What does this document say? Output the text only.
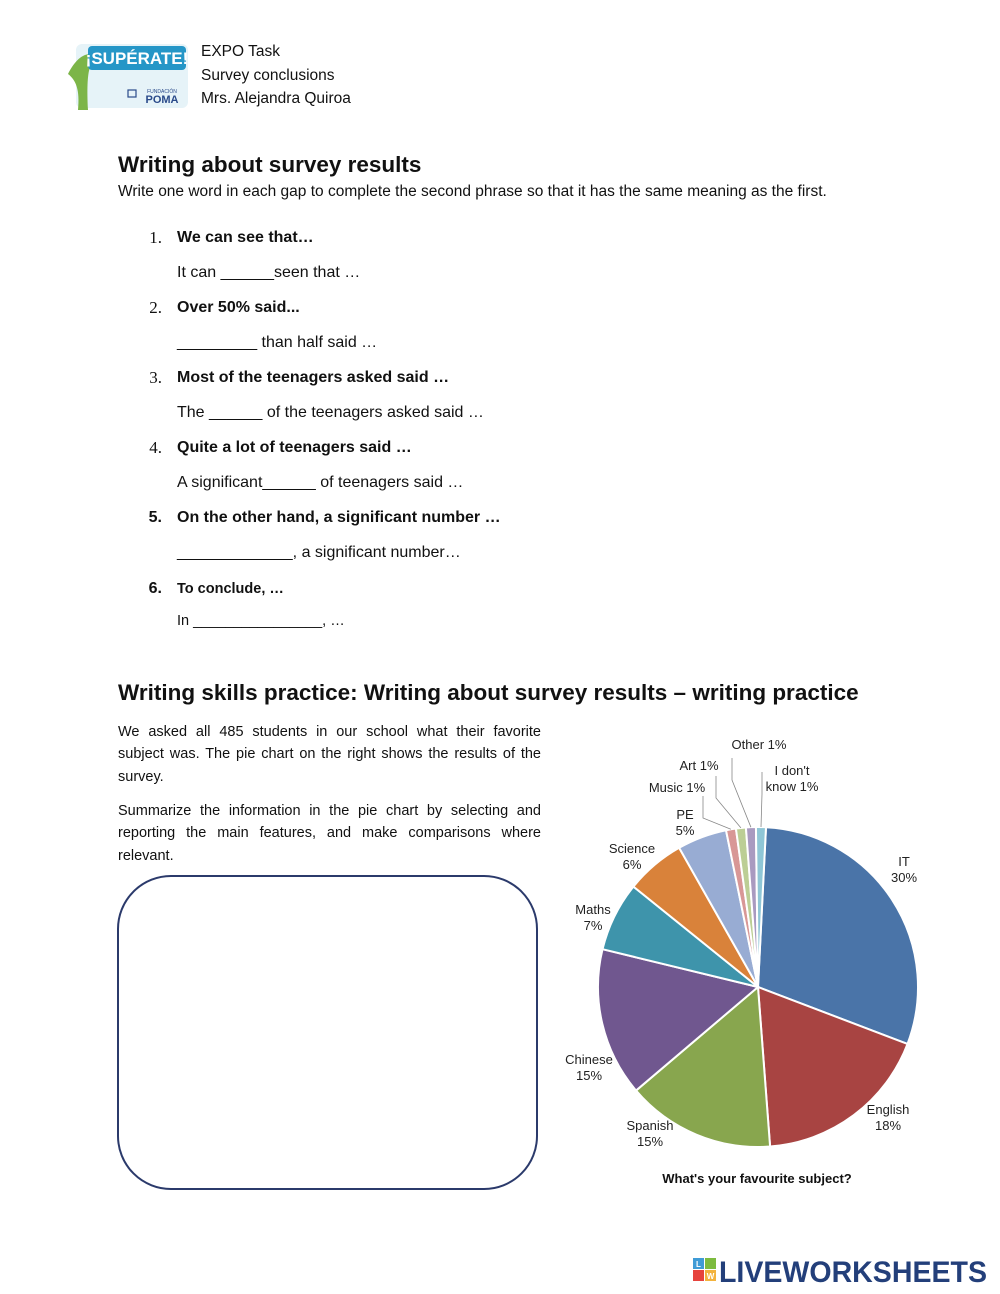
¡SUPÉRATE!
FUNDACIÓN
POMA
EXPO Task
Survey conclusions
Mrs. Alejandra Quiroa
Writing about survey results
Write one word in each gap to complete the second phrase so that it has the same meaning as the first.
1. We can see that…
It can ______seen that …
2. Over 50% said...
_________ than half said …
3. Most of the teenagers asked said …
The ______ of the teenagers asked said …
4. Quite a lot of teenagers said …
A significant______ of teenagers said …
5. On the other hand, a significant number …
_____________, a significant number…
6. To conclude, …
In ________________, …
Writing skills practice: Writing about survey results – writing practice
We asked all 485 students in our school what their favorite subject was. The pie chart on the right shows the results of the survey.
Summarize the information in the pie chart by selecting and reporting the main features, and make comparisons where relevant.	IT 30%
English 18%
Spanish 15%
Chinese 15%
Maths 7%
Science 6%
PE 5%
Music 1%
Art 1%
Other 1%
I don't know 1%
What's your favourite subject?
L
W LIVEWORKSHEETS
